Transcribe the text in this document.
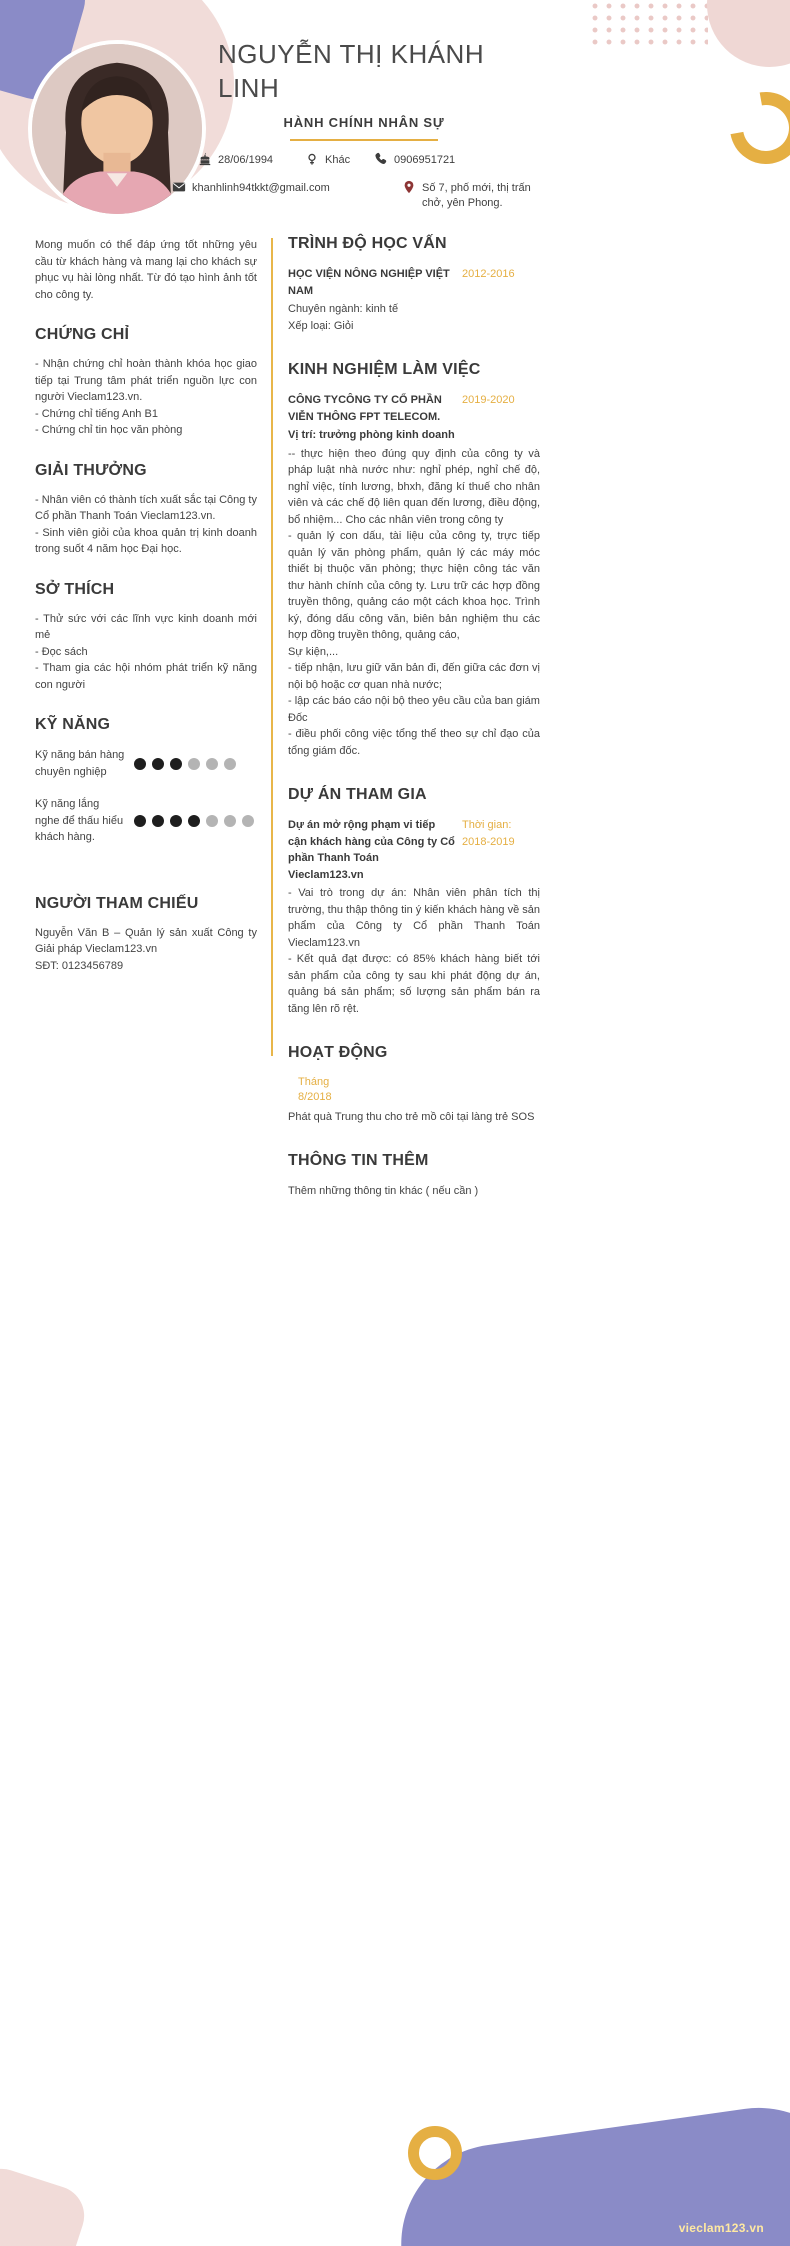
NGUYỄN THỊ KHÁNH LINH
HÀNH CHÍNH NHÂN SỰ
28/06/1994	Khác	0906951721
khanhlinh94tkkt@gmail.com	Số 7, phố mới, thị trấn chở, yên Phong.

Mong muốn có thể đáp ứng tốt những yêu cầu từ khách hàng và mang lại cho khách sự phục vụ hài lòng nhất. Từ đó tạo hình ảnh tốt cho công ty.

CHỨNG CHỈ
- Nhận chứng chỉ hoàn thành khóa học giao tiếp tại Trung tâm phát triển nguồn lực con người Vieclam123.vn.
- Chứng chỉ tiếng Anh B1
- Chứng chỉ tin học văn phòng
GIẢI THƯỞNG
- Nhân viên có thành tích xuất sắc tại Công ty Cổ phần Thanh Toán Vieclam123.vn.
- Sinh viên giỏi của khoa quản trị kinh doanh trong suốt 4 năm học Đại học.
SỞ THÍCH
- Thử sức với các lĩnh vực kinh doanh mới mẻ
- Đọc sách
- Tham gia các hội nhóm phát triển kỹ năng con người
KỸ NĂNG
Kỹ năng bán hàng chuyên nghiệp
Kỹ năng lắng nghe để thấu hiểu khách hàng.
NGƯỜI THAM CHIẾU
Nguyễn Văn B – Quản lý sản xuất Công ty Giải pháp Vieclam123.vn
SĐT: 0123456789
TRÌNH ĐỘ HỌC VẤN
HỌC VIỆN NÔNG NGHIỆP VIỆT NAM
2012-2016
Chuyên ngành: kinh tế
Xếp loại: Giỏi
KINH NGHIỆM LÀM VIỆC
CÔNG TYCÔNG TY CỔ PHẦN VIỄN THÔNG FPT TELECOM.
2019-2020
Vị trí: trưởng phòng kinh doanh
-- thực hiện theo đúng quy định của công ty và pháp luật nhà nước như: nghỉ phép, nghỉ chế độ, nghỉ việc, tính lương, bhxh, đăng kí thuế cho nhân viên và các chế độ liên quan đến lương, điều động, bổ nhiệm... Cho các nhân viên trong công ty
- quản lý con dấu, tài liệu của công ty, trực tiếp quản lý văn phòng phẩm, quản lý các máy móc thiết bị thuộc văn phòng; thực hiện công tác văn thư hành chính của công ty. Lưu trữ các hợp đồng truyền thông, quảng cáo một cách khoa học. Trình ký, đóng dấu công văn, biên bản nghiệm thu các hợp đồng truyền thông, quảng cáo,
Sự kiện,...
- tiếp nhận, lưu giữ văn bản đi, đến giữa các đơn vị nội bộ hoặc cơ quan nhà nước;
- lập các báo cáo nội bộ theo yêu cầu của ban giám
Đốc
- điều phối công việc tổng thể theo sự chỉ đạo của tổng giám đốc.
DỰ ÁN THAM GIA
Dự án mở rộng phạm vi tiếp cận khách hàng của Công ty Cổ phần Thanh Toán Vieclam123.vn
Thời gian:
2018-2019
- Vai trò trong dự án: Nhân viên phân tích thị trường, thu thập thông tin ý kiến khách hàng về sản phẩm của Công ty Cổ phần Thanh Toán Vieclam123.vn
- Kết quả đạt được: có 85% khách hàng biết tới sản phẩm của công ty sau khi phát động dự án, quảng bá sản phẩm; số lượng sản phẩm bán ra tăng lên rõ rệt.
HOẠT ĐỘNG
Tháng 8/2018
Phát quà Trung thu cho trẻ mồ côi tại làng trẻ SOS
THÔNG TIN THÊM
Thêm những thông tin khác ( nếu cần )
vieclam123.vn
